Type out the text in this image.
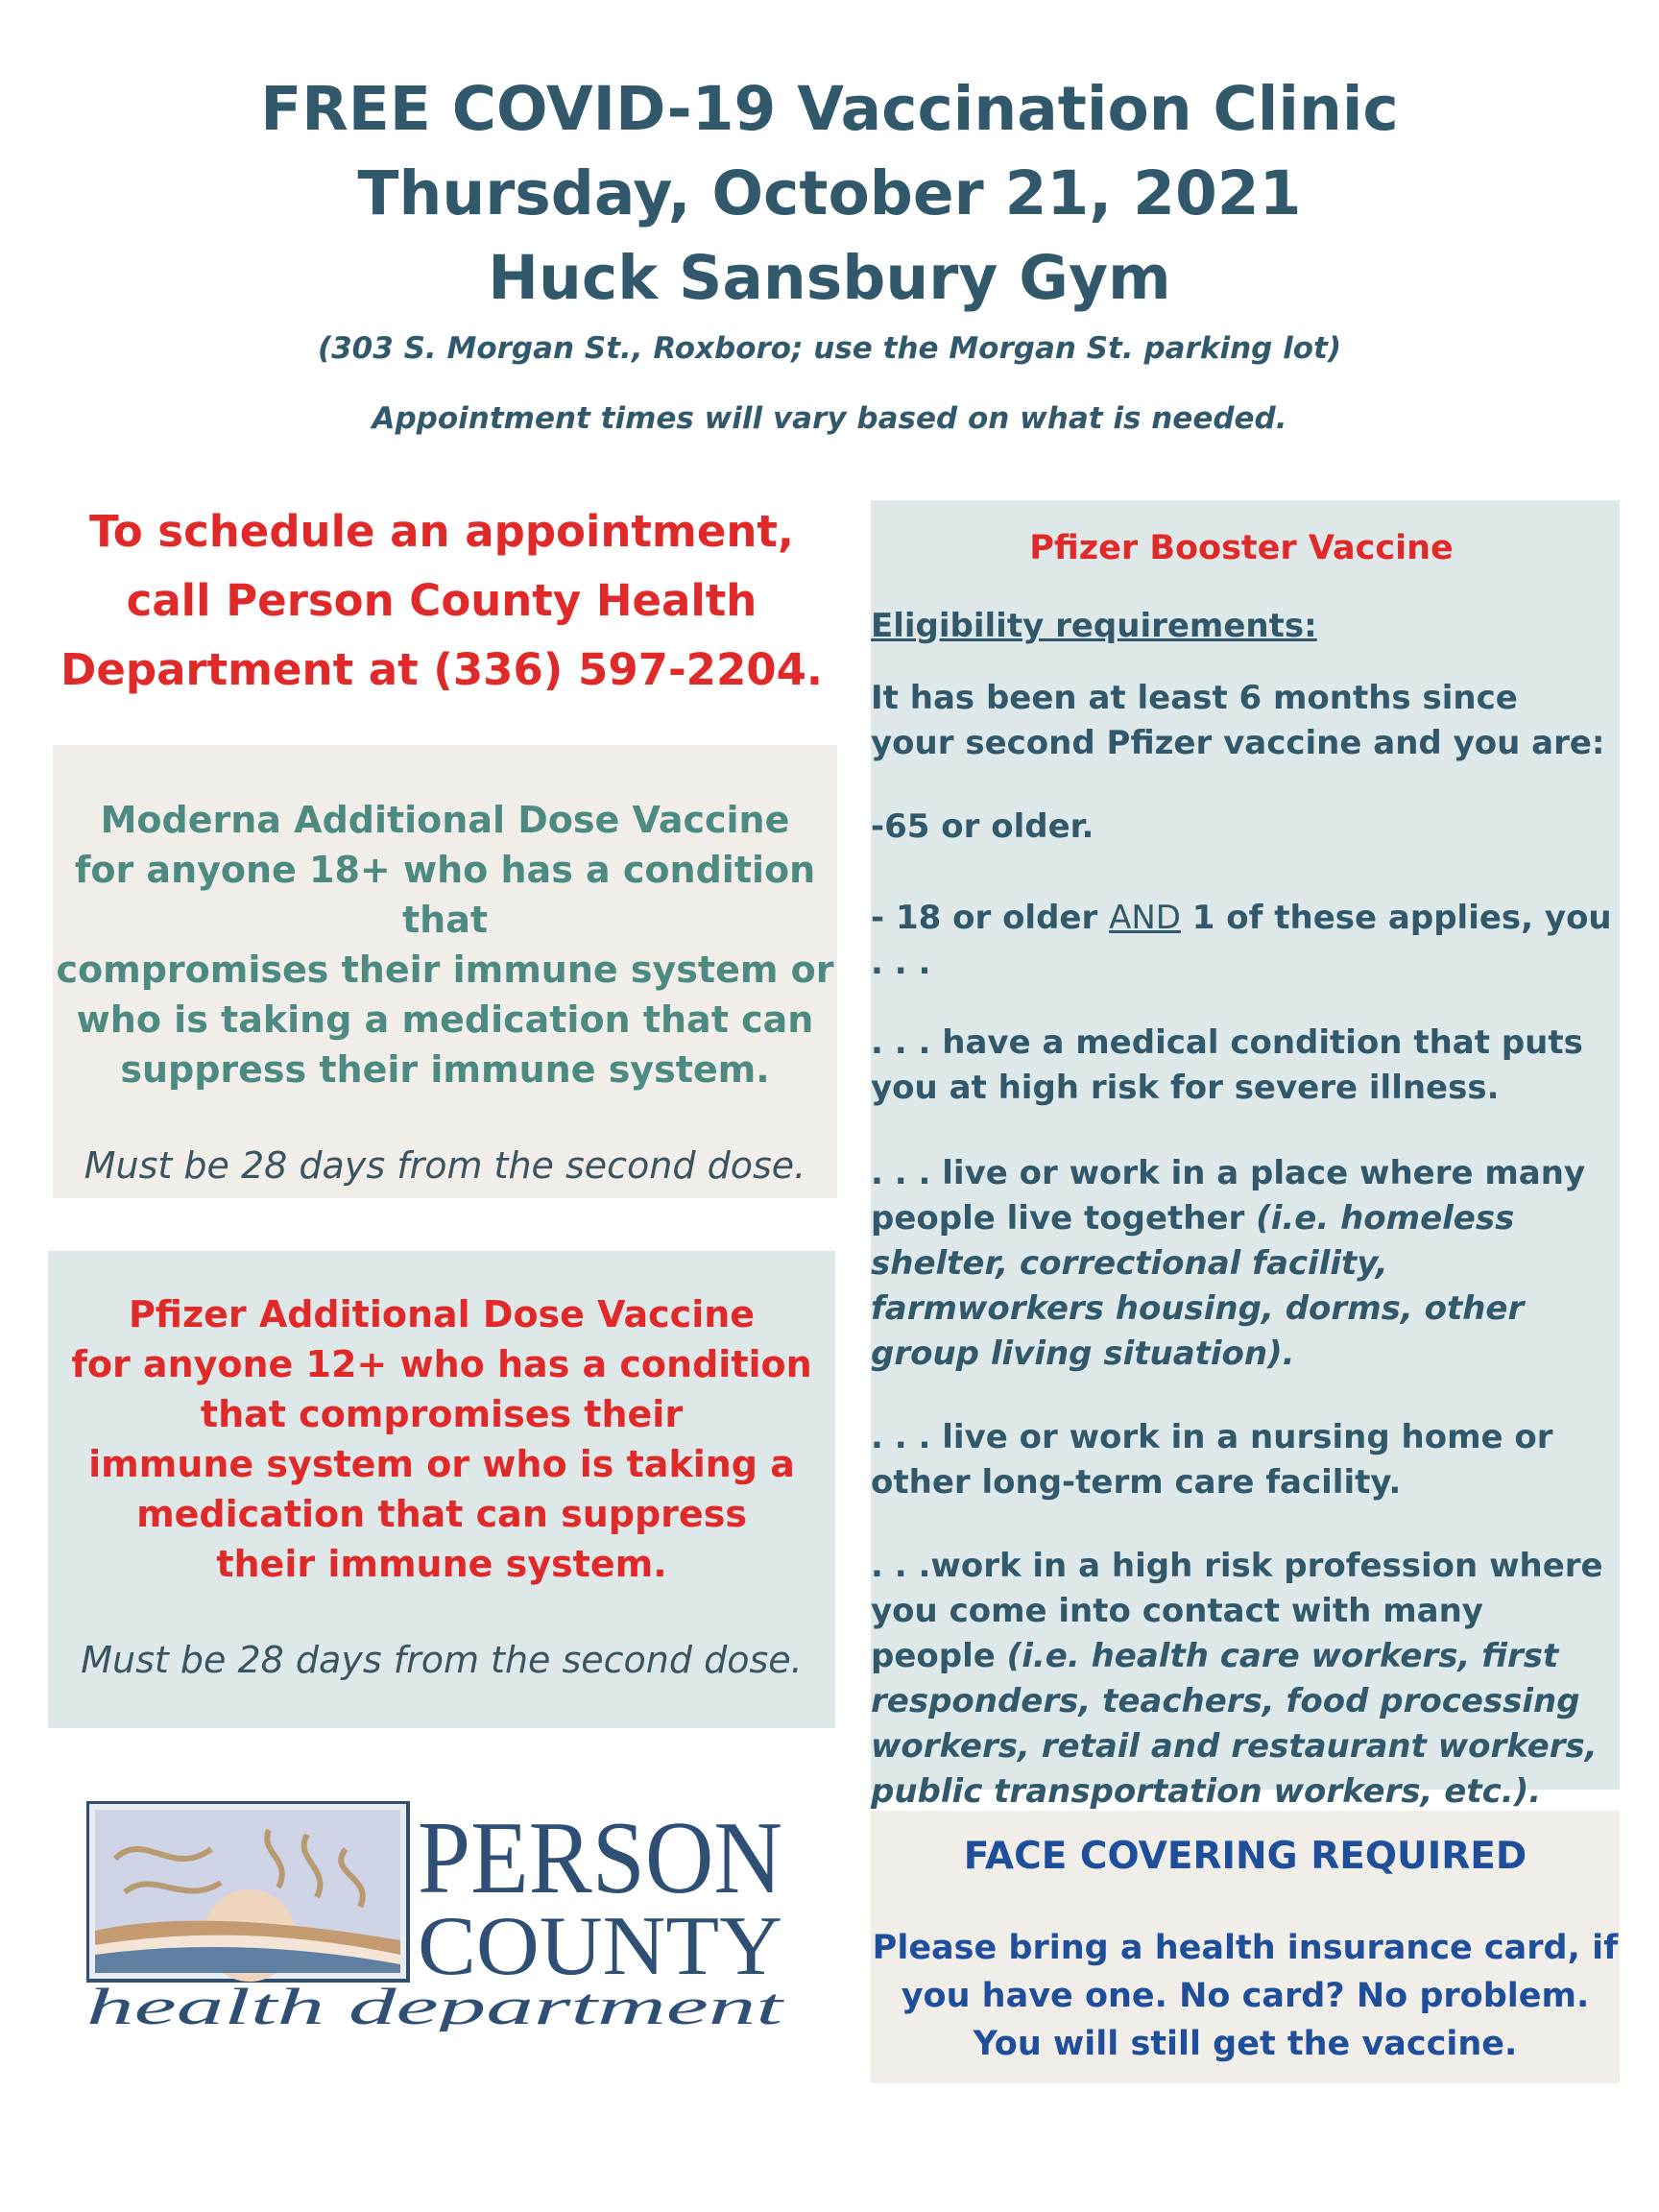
FREE COVID-19 Vaccination Clinic
Thursday, October 21, 2021
Huck Sansbury Gym
(303 S. Morgan St., Roxboro; use the Morgan St. parking lot)
Appointment times will vary based on what is needed.
To schedule an appointment,
call Person County Health
Department at (336) 597-2204.
Moderna Additional Dose Vaccine
for anyone 18+ who has a condition that
compromises their immune system or
who is taking a medication that can
suppress their immune system.
Must be 28 days from the second dose.
Pfizer Additional Dose Vaccine
for anyone 12+ who has a condition
that compromises their
immune system or who is taking a
medication that can suppress
their immune system.
Must be 28 days from the second dose.
Pfizer Booster Vaccine

Eligibility requirements:

It has been at least 6 months since your second Pfizer vaccine and you are:

-65 or older.

- 18 or older AND 1 of these applies, you . . .

. . . have a medical condition that puts you at high risk for severe illness.

. . . live or work in a place where many people live together (i.e. homeless shelter, correctional facility, farmworkers housing, dorms, other group living situation).

. . . live or work in a nursing home or other long-term care facility.

. . .work in a high risk profession where you come into contact with many people (i.e. health care workers, first responders, teachers, food processing workers, retail and restaurant workers, public transportation workers, etc.).

FACE COVERING REQUIRED
Please bring a health insurance card, if
you have one. No card? No problem.
You will still get the vaccine.
PERSON
COUNTY
health department
